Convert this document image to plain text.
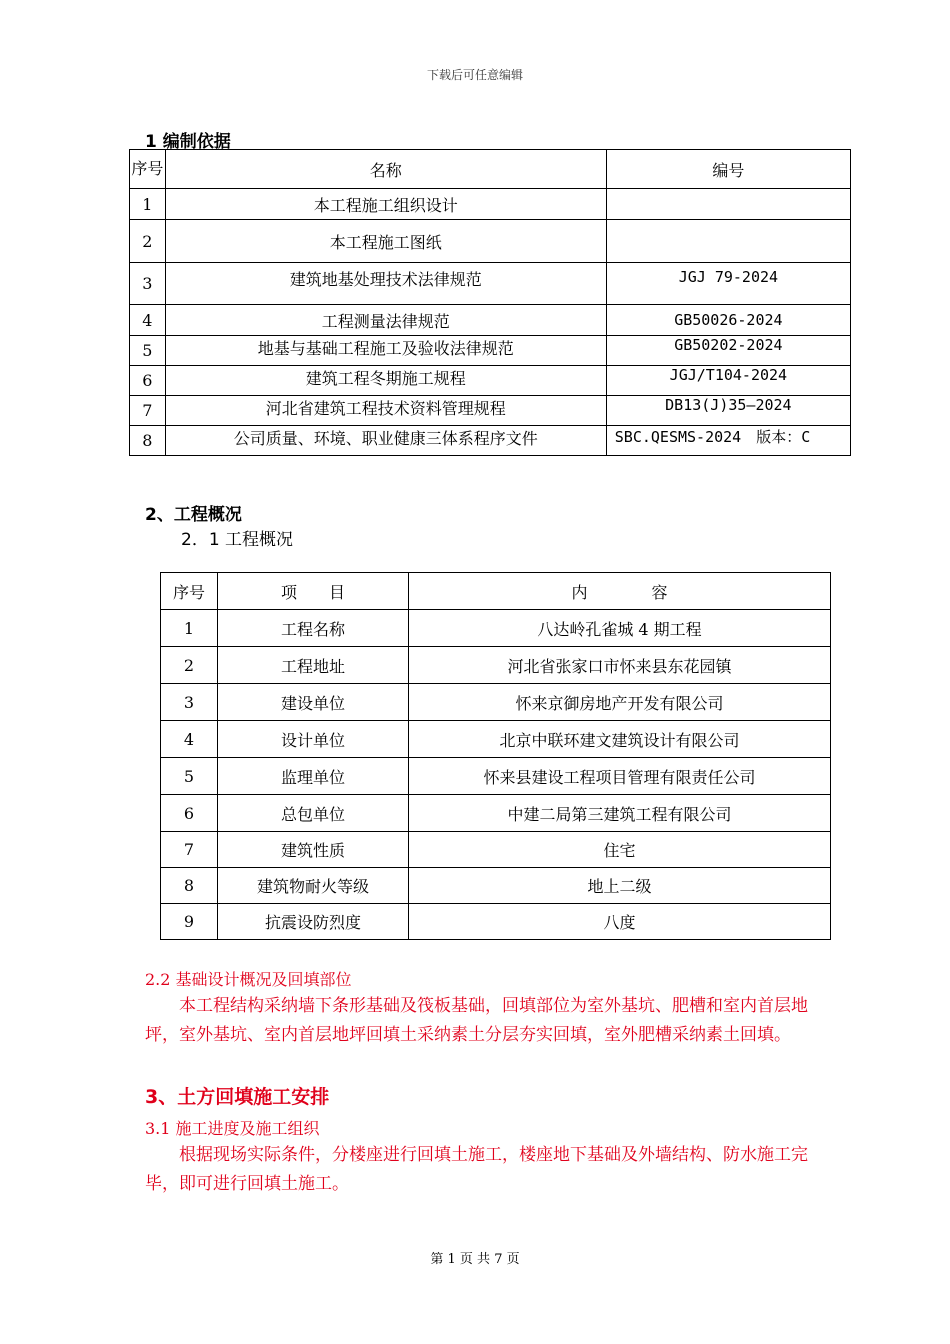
下载后可任意编辑
1 编制依据
序号	名称	编号
1	本工程施工组织设计	
2	本工程施工图纸	
3	建筑地基处理技术法律规范	JGJ 79-2024
4	工程测量法律规范	GB50026-2024
5	地基与基础工程施工及验收法律规范	GB50202-2024
6	建筑工程冬期施工规程	JGJ/T104-2024
7	河北省建筑工程技术资料管理规程	DB13(J)35—2024
8	公司质量、环境、职业健康三体系程序文件	SBC.QESMS-2024　版本：C
2、工程概况
2．1 工程概况
序号	项　　目	内　　　　容
1	工程名称	八达岭孔雀城 4 期工程
2	工程地址	河北省张家口市怀来县东花园镇
3	建设单位	怀来京御房地产开发有限公司
4	设计单位	北京中联环建文建筑设计有限公司
5	监理单位	怀来县建设工程项目管理有限责任公司
6	总包单位	中建二局第三建筑工程有限公司
7	建筑性质	住宅
8	建筑物耐火等级	地上二级
9	抗震设防烈度	八度
2.2 基础设计概况及回填部位
本工程结构采纳墙下条形基础及筏板基础，回填部位为室外基坑、肥槽和室内首层地坪，室外基坑、室内首层地坪回填土采纳素土分层夯实回填，室外肥槽采纳素土回填。
3、土方回填施工安排
3.1 施工进度及施工组织
根据现场实际条件，分楼座进行回填土施工，楼座地下基础及外墙结构、防水施工完毕，即可进行回填土施工。
第 1 页 共 7 页
